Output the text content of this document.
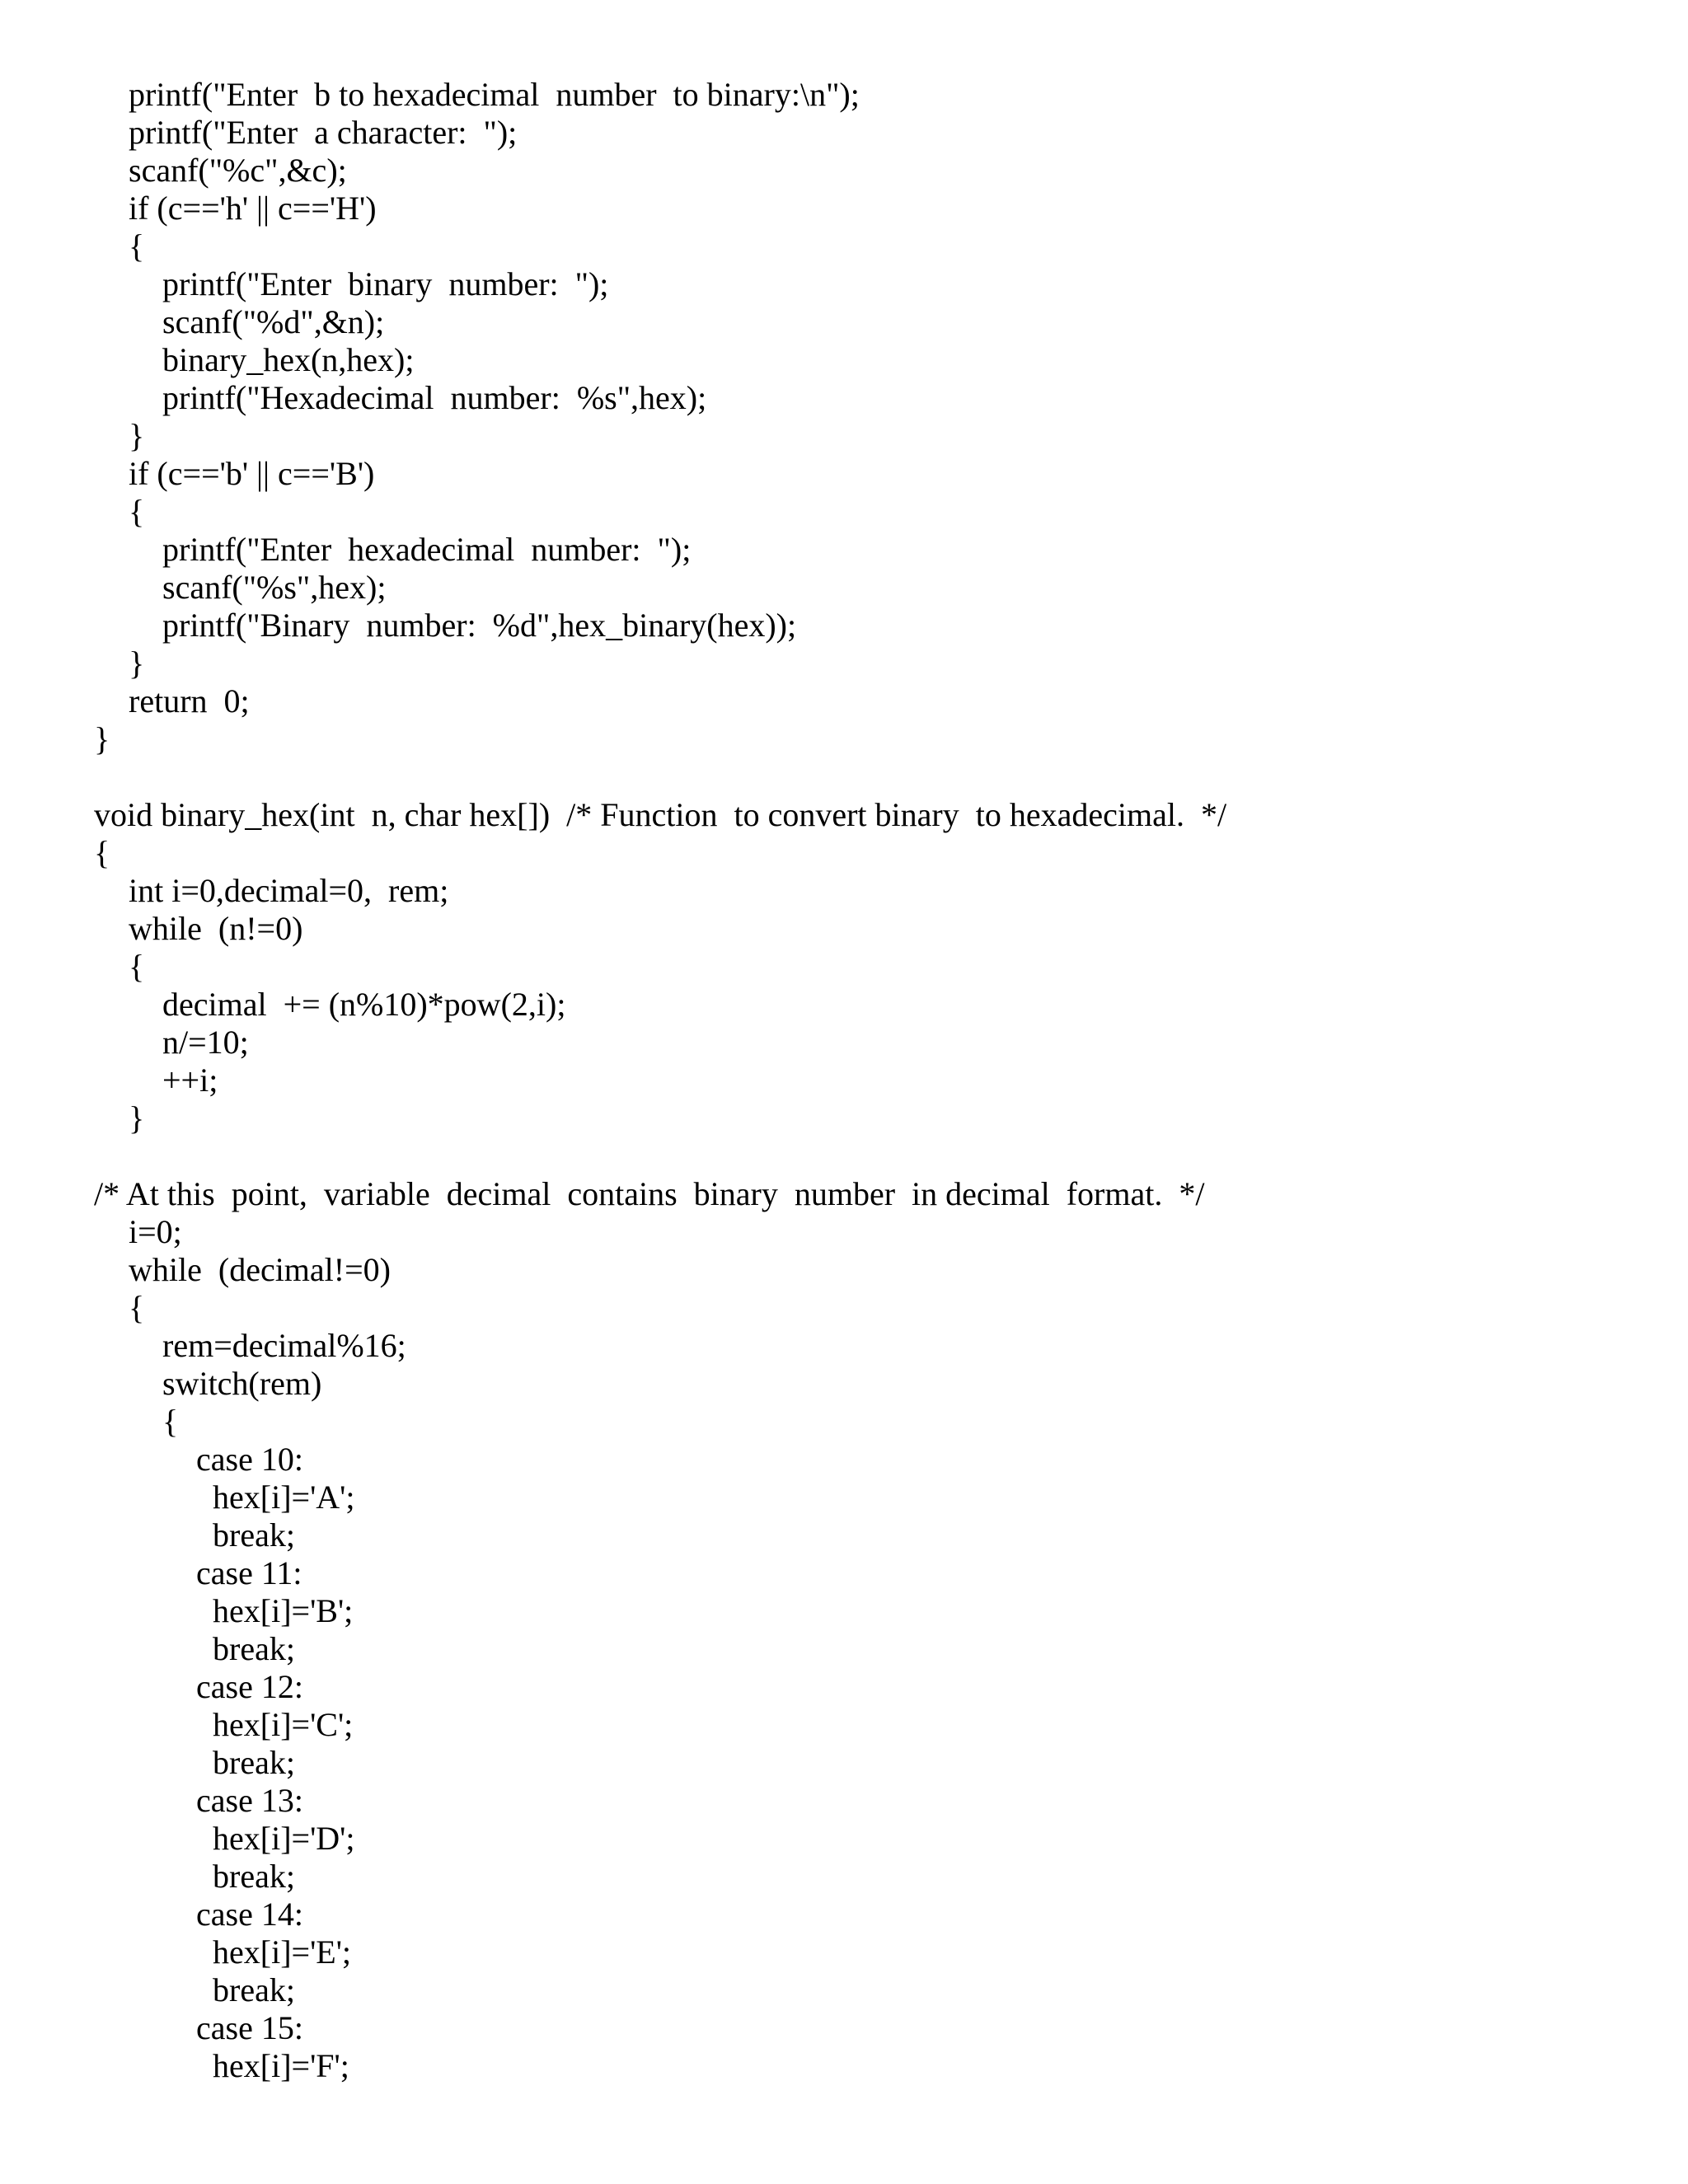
printf("Enter  b to hexadecimal  number  to binary:\n");
printf("Enter  a character:  ");
scanf("%c",&c);
if (c=='h' || c=='H')
{
printf("Enter  binary  number:  ");
scanf("%d",&n);
binary_hex(n,hex);
printf("Hexadecimal  number:  %s",hex);
}
if (c=='b' || c=='B')
{
printf("Enter  hexadecimal  number:  ");
scanf("%s",hex);
printf("Binary  number:  %d",hex_binary(hex));
}
return  0;
}
void binary_hex(int  n, char hex[])  /* Function  to convert binary  to hexadecimal.  */
{
int i=0,decimal=0,  rem;
while  (n!=0)
{
decimal  += (n%10)*pow(2,i);
n/=10;
++i;
}
/* At this  point,  variable  decimal  contains  binary  number  in decimal  format.  */
i=0;
while  (decimal!=0)
{
rem=decimal%16;
switch(rem)
{
case 10:
hex[i]='A';
break;
case 11:
hex[i]='B';
break;
case 12:
hex[i]='C';
break;
case 13:
hex[i]='D';
break;
case 14:
hex[i]='E';
break;
case 15:
hex[i]='F';
